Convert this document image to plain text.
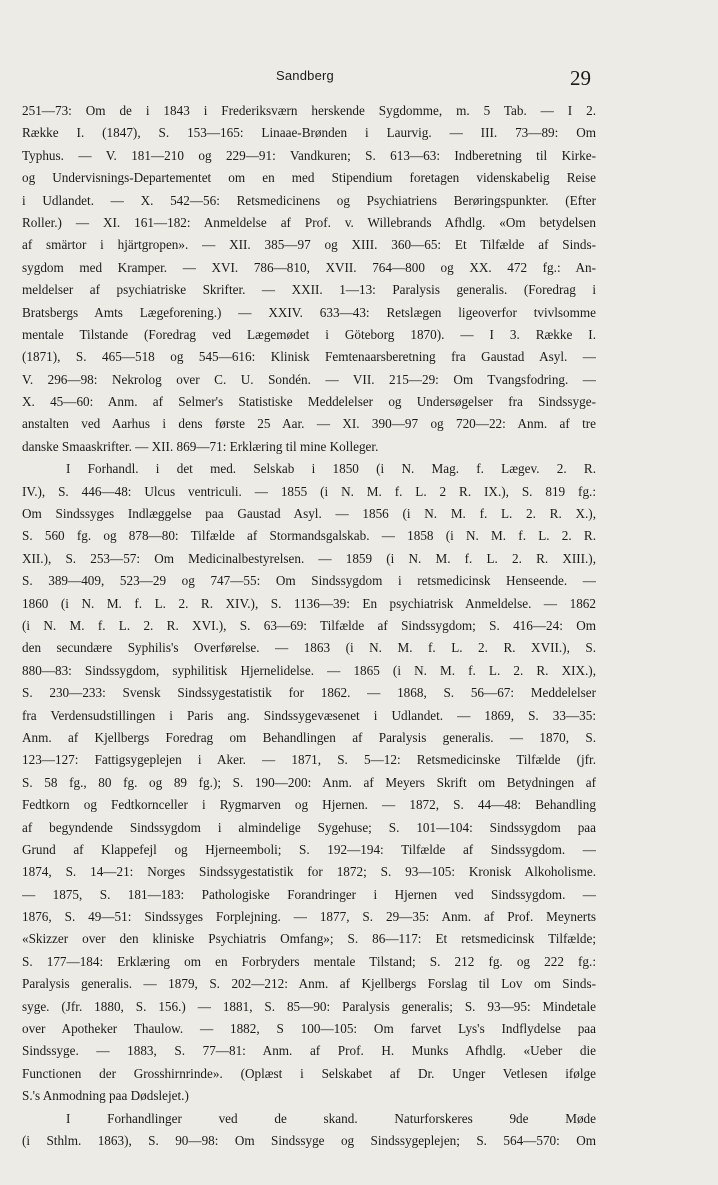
Sandberg	29
251—73: Om de i 1843 i Frederiksværn herskende Sygdomme, m. 5 Tab. — I 2.
Række I. (1847), S. 153—165: Linaae-Brønden i Laurvig. — III. 73—89: Om
Typhus. — V. 181—210 og 229—91: Vandkuren; S. 613—63: Indberetning til Kirke-
og Undervisnings-Departementet om en med Stipendium foretagen videnskabelig Reise
i Udlandet. — X. 542—56: Retsmedicinens og Psychiatriens Berøringspunkter. (Efter
Roller.) — XI. 161—182: Anmeldelse af Prof. v. Willebrands Afhdlg. «Om betydelsen
af smärtor i hjärtgropen». — XII. 385—97 og XIII. 360—65: Et Tilfælde af Sinds-
sygdom med Kramper. — XVI. 786—810, XVII. 764—800 og XX. 472 fg.: An-
meldelser af psychiatriske Skrifter. — XXII. 1—13: Paralysis generalis. (Foredrag i
Bratsbergs Amts Lægeforening.) — XXIV. 633—43: Retslægen ligeoverfor tvivlsomme
mentale Tilstande (Foredrag ved Lægemødet i Göteborg 1870). — I 3. Række I.
(1871), S. 465—518 og 545—616: Klinisk Femtenaarsberetning fra Gaustad Asyl. —
V. 296—98: Nekrolog over C. U. Sondén. — VII. 215—29: Om Tvangsfodring. —
X. 45—60: Anm. af Selmer's Statistiske Meddelelser og Undersøgelser fra Sindssyge-
anstalten ved Aarhus i dens første 25 Aar. — XI. 390—97 og 720—22: Anm. af tre
danske Smaaskrifter. — XII. 869—71: Erklæring til mine Kolleger.
I Forhandl. i det med. Selskab i 1850 (i N. Mag. f. Lægev. 2. R.
IV.), S. 446—48: Ulcus ventriculi. — 1855 (i N. M. f. L. 2 R. IX.), S. 819 fg.:
Om Sindssyges Indlæggelse paa Gaustad Asyl. — 1856 (i N. M. f. L. 2. R. X.),
S. 560 fg. og 878—80: Tilfælde af Stormandsgalskab. — 1858 (i N. M. f. L. 2. R.
XII.), S. 253—57: Om Medicinalbestyrelsen. — 1859 (i N. M. f. L. 2. R. XIII.),
S. 389—409, 523—29 og 747—55: Om Sindssygdom i retsmedicinsk Henseende. —
1860 (i N. M. f. L. 2. R. XIV.), S. 1136—39: En psychiatrisk Anmeldelse. — 1862
(i N. M. f. L. 2. R. XVI.), S. 63—69: Tilfælde af Sindssygdom; S. 416—24: Om
den secundære Syphilis's Overførelse. — 1863 (i N. M. f. L. 2. R. XVII.), S.
880—83: Sindssygdom, syphilitisk Hjernelidelse. — 1865 (i N. M. f. L. 2. R. XIX.),
S. 230—233: Svensk Sindssygestatistik for 1862. — 1868, S. 56—67: Meddelelser
fra Verdensudstillingen i Paris ang. Sindssygevæsenet i Udlandet. — 1869, S. 33—35:
Anm. af Kjellbergs Foredrag om Behandlingen af Paralysis generalis. — 1870, S.
123—127: Fattigsygeplejen i Aker. — 1871, S. 5—12: Retsmedicinske Tilfælde (jfr.
S. 58 fg., 80 fg. og 89 fg.); S. 190—200: Anm. af Meyers Skrift om Betydningen af
Fedtkorn og Fedtkornceller i Rygmarven og Hjernen. — 1872, S. 44—48: Behandling
af begyndende Sindssygdom i almindelige Sygehuse; S. 101—104: Sindssygdom paa
Grund af Klappefejl og Hjerneemboli; S. 192—194: Tilfælde af Sindssygdom. —
1874, S. 14—21: Norges Sindssygestatistik for 1872; S. 93—105: Kronisk Alkoholisme.
— 1875, S. 181—183: Pathologiske Forandringer i Hjernen ved Sindssygdom. —
1876, S. 49—51: Sindssyges Forplejning. — 1877, S. 29—35: Anm. af Prof. Meynerts
«Skizzer over den kliniske Psychiatris Omfang»; S. 86—117: Et retsmedicinsk Tilfælde;
S. 177—184: Erklæring om en Forbryders mentale Tilstand; S. 212 fg. og 222 fg.:
Paralysis generalis. — 1879, S. 202—212: Anm. af Kjellbergs Forslag til Lov om Sinds-
syge. (Jfr. 1880, S. 156.) — 1881, S. 85—90: Paralysis generalis; S. 93—95: Mindetale
over Apotheker Thaulow. — 1882, S 100—105: Om farvet Lys's Indflydelse paa
Sindssyge. — 1883, S. 77—81: Anm. af Prof. H. Munks Afhdlg. «Ueber die
Functionen der Grosshirnrinde». (Oplæst i Selskabet af Dr. Unger Vetlesen ifølge
S.'s Anmodning paa Dødslejet.)
I Forhandlinger ved de skand. Naturforskeres 9de Møde
(i Sthlm. 1863), S. 90—98: Om Sindssyge og Sindssygeplejen; S. 564—570: Om
